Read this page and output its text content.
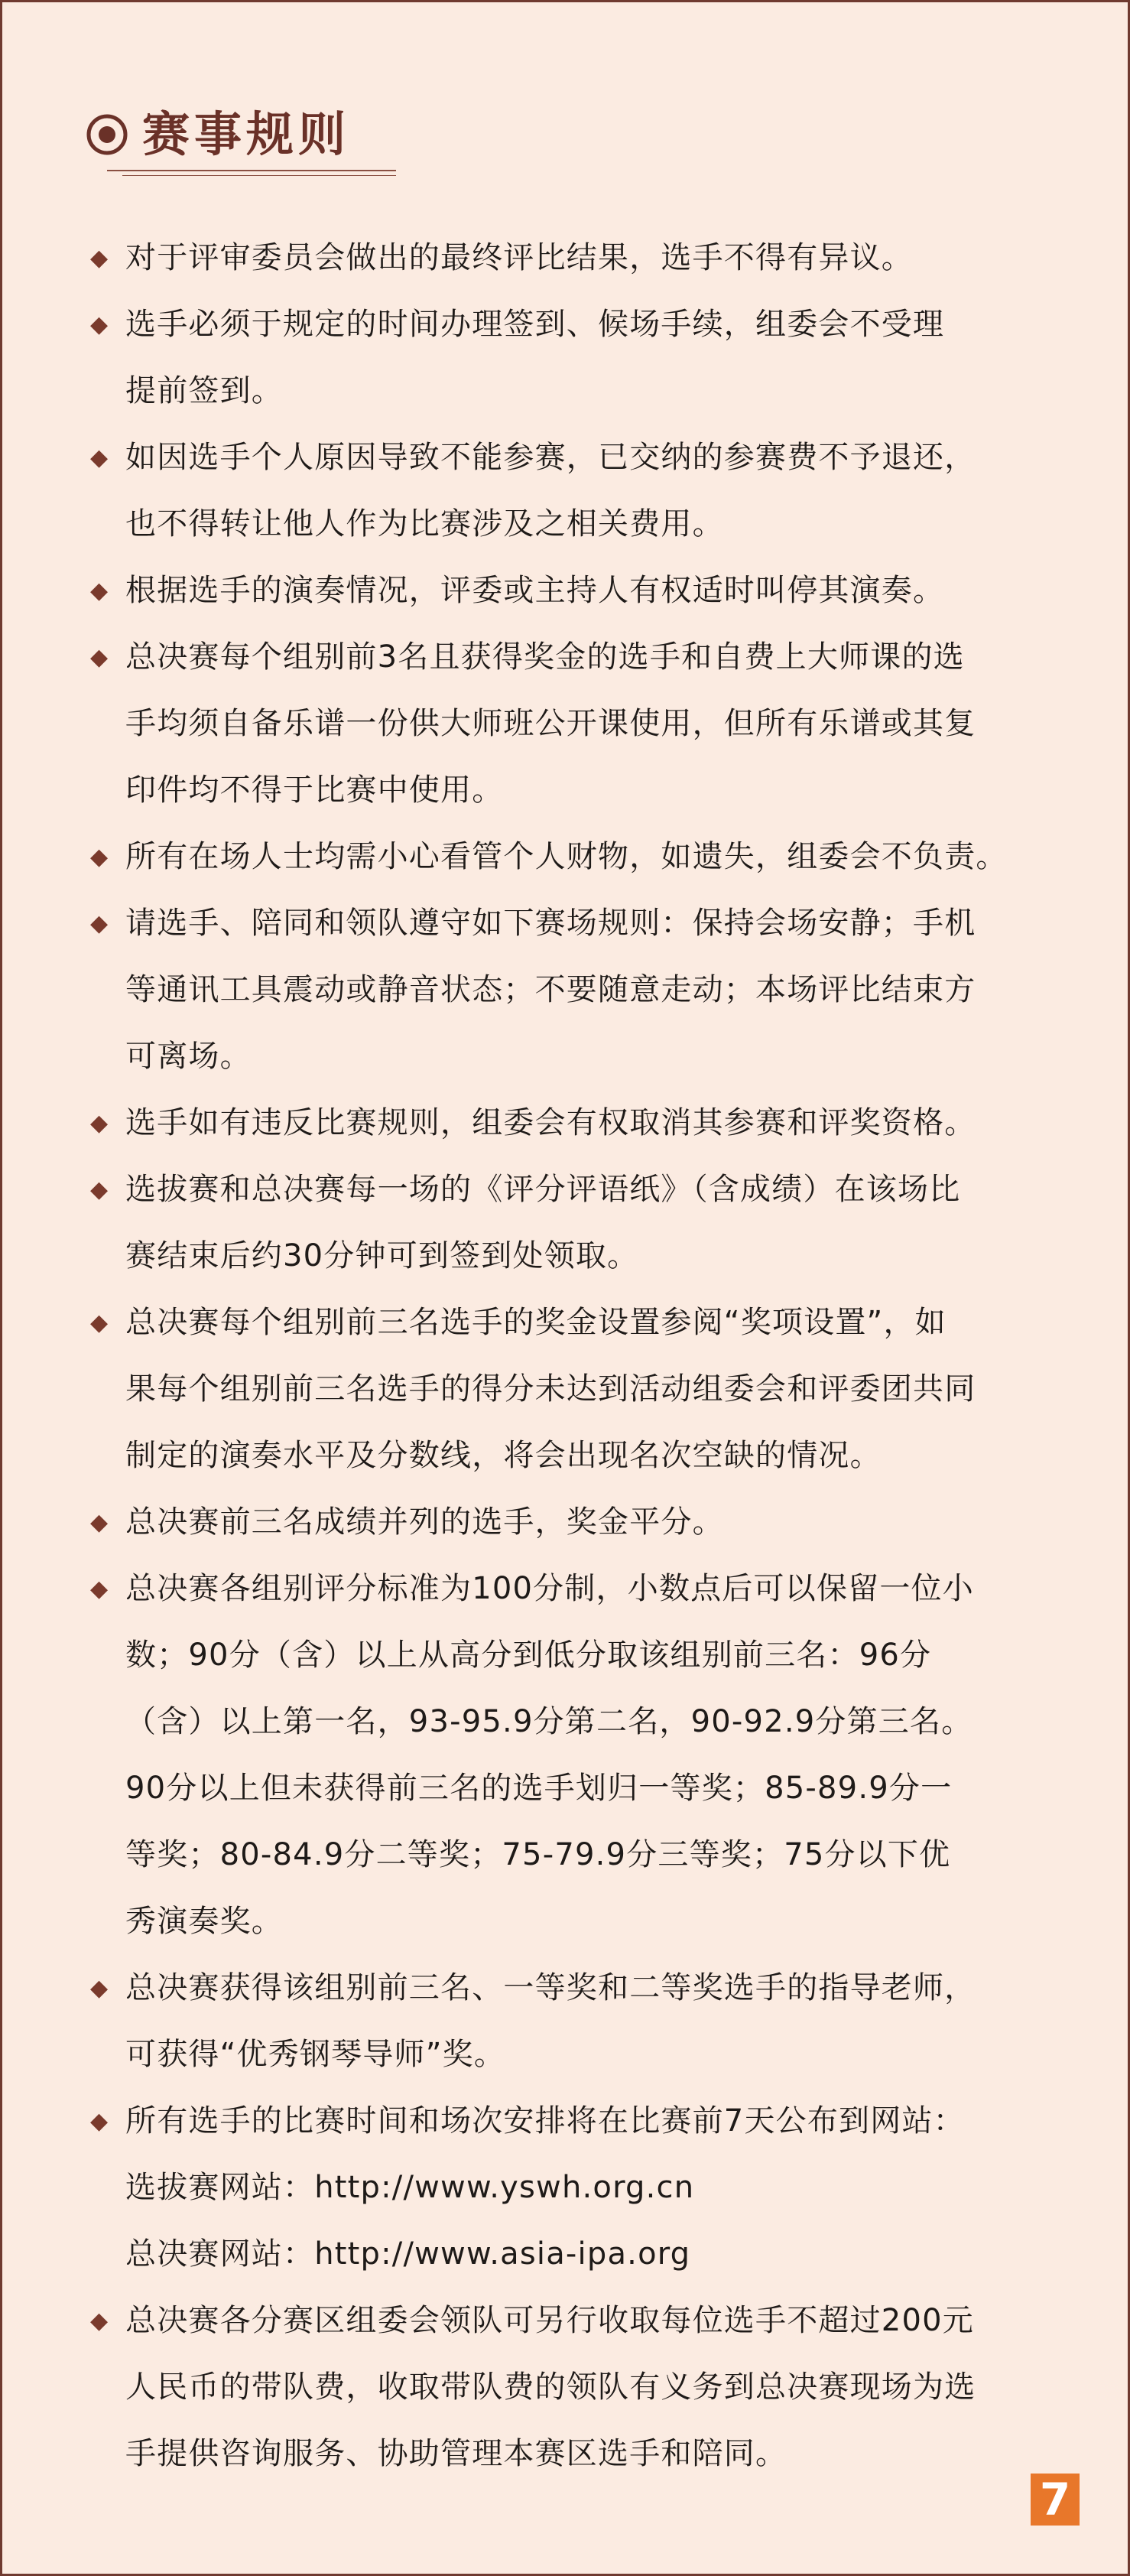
赛事规则
◆ 对于评审委员会做出的最终评比结果，选手不得有异议。
◆ 选手必须于规定的时间办理签到、候场手续，组委会不受理
提前签到。
◆ 如因选手个人原因导致不能参赛，已交纳的参赛费不予退还，
也不得转让他人作为比赛涉及之相关费用。
◆ 根据选手的演奏情况，评委或主持人有权适时叫停其演奏。
◆ 总决赛每个组别前3名且获得奖金的选手和自费上大师课的选
手均须自备乐谱一份供大师班公开课使用，但所有乐谱或其复
印件均不得于比赛中使用。
◆ 所有在场人士均需小心看管个人财物，如遗失，组委会不负责。
◆ 请选手、陪同和领队遵守如下赛场规则：保持会场安静；手机
等通讯工具震动或静音状态；不要随意走动；本场评比结束方
可离场。
◆ 选手如有违反比赛规则，组委会有权取消其参赛和评奖资格。
◆ 选拔赛和总决赛每一场的《评分评语纸》（含成绩）在该场比
赛结束后约30分钟可到签到处领取。
◆ 总决赛每个组别前三名选手的奖金设置参阅“奖项设置”，如
果每个组别前三名选手的得分未达到活动组委会和评委团共同
制定的演奏水平及分数线，将会出现名次空缺的情况。
◆ 总决赛前三名成绩并列的选手，奖金平分。
◆ 总决赛各组别评分标准为100分制，小数点后可以保留一位小
数；90分（含）以上从高分到低分取该组别前三名：96分
（含）以上第一名，93-95.9分第二名，90-92.9分第三名。
90分以上但未获得前三名的选手划归一等奖；85-89.9分一
等奖；80-84.9分二等奖；75-79.9分三等奖；75分以下优
秀演奏奖。
◆ 总决赛获得该组别前三名、一等奖和二等奖选手的指导老师，
可获得“优秀钢琴导师”奖。
◆ 所有选手的比赛时间和场次安排将在比赛前7天公布到网站：
选拔赛网站：http://www.yswh.org.cn
总决赛网站：http://www.asia-ipa.org
◆ 总决赛各分赛区组委会领队可另行收取每位选手不超过200元
人民币的带队费，收取带队费的领队有义务到总决赛现场为选
手提供咨询服务、协助管理本赛区选手和陪同。
7
